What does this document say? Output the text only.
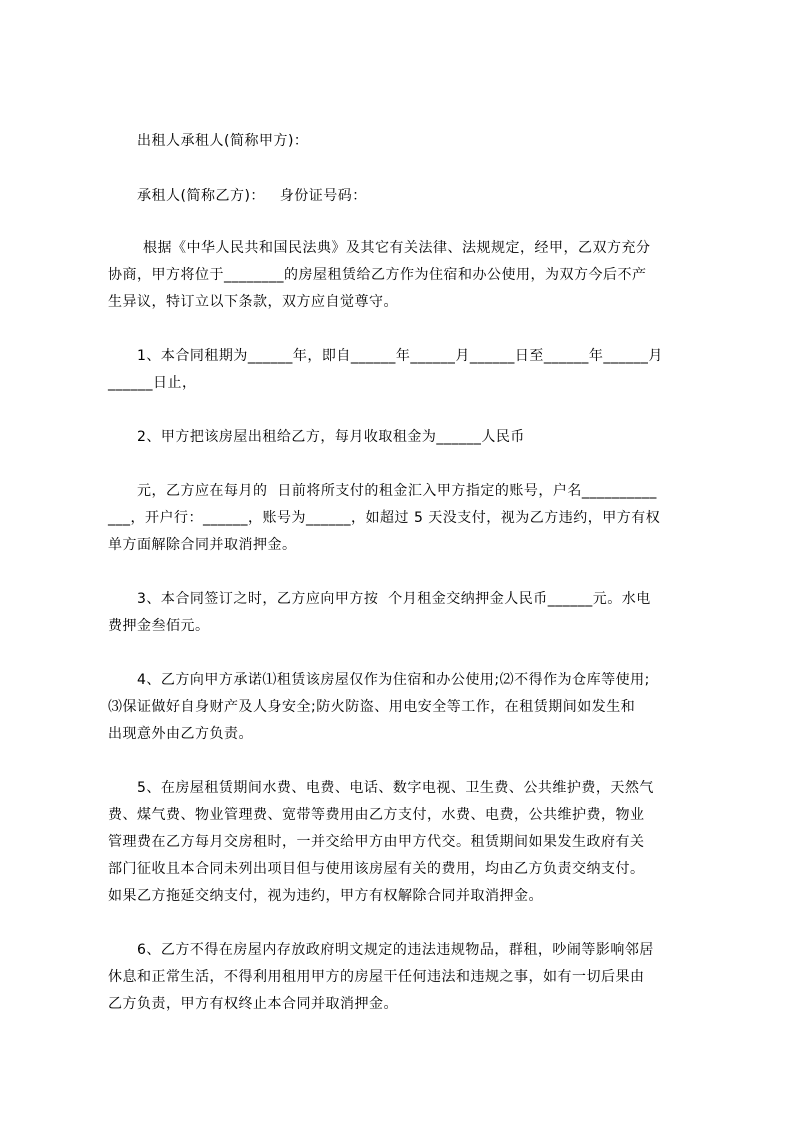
出租人承租人(简称甲方)：
承租人(简称乙方)：   身份证号码：
根据《中华人民共和国民法典》及其它有关法律、法规规定，经甲，乙双方充分
协商，甲方将位于________的房屋租赁给乙方作为住宿和办公使用，为双方今后不产
生异议，特订立以下条款，双方应自觉尊守。
1、本合同租期为______年，即自______年______月______日至______年______月
______日止，
2、甲方把该房屋出租给乙方，每月收取租金为______人民币
元，乙方应在每月的  日前将所支付的租金汇入甲方指定的账号，户名__________
___，开户行：______，账号为______，如超过 5 天没支付，视为乙方违约，甲方有权
单方面解除合同并取消押金。
3、本合同签订之时，乙方应向甲方按  个月租金交纳押金人民币______元。水电
费押金叁佰元。
4、乙方向甲方承诺⑴租赁该房屋仅作为住宿和办公使用;⑵不得作为仓库等使用;
⑶保证做好自身财产及人身安全;防火防盗、用电安全等工作，在租赁期间如发生和
出现意外由乙方负责。
5、在房屋租赁期间水费、电费、电话、数字电视、卫生费、公共维护费，天然气
费、煤气费、物业管理费、宽带等费用由乙方支付，水费、电费，公共维护费，物业
管理费在乙方每月交房租时，一并交给甲方由甲方代交。租赁期间如果发生政府有关
部门征收且本合同未列出项目但与使用该房屋有关的费用，均由乙方负责交纳支付。
如果乙方拖延交纳支付，视为违约，甲方有权解除合同并取消押金。
6、乙方不得在房屋内存放政府明文规定的违法违规物品，群租，吵闹等影响邻居
休息和正常生活，不得利用租用甲方的房屋干任何违法和违规之事，如有一切后果由
乙方负责，甲方有权终止本合同并取消押金。
